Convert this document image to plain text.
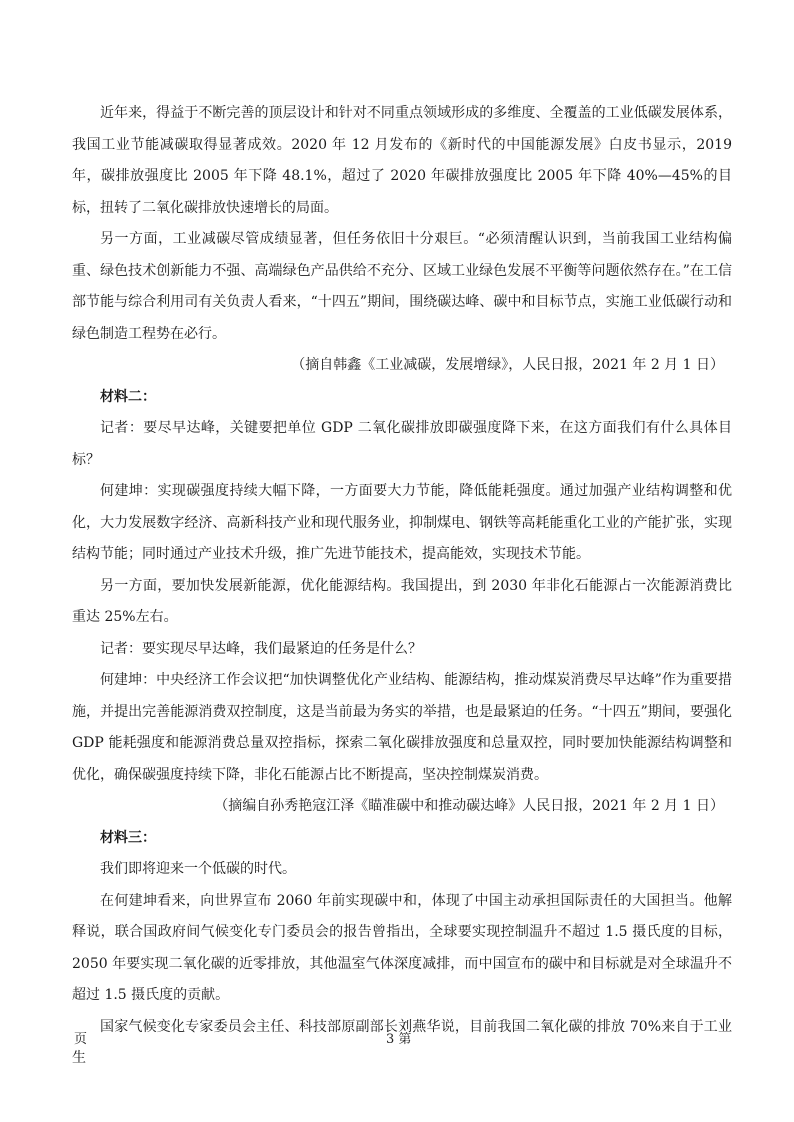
近年来，得益于不断完善的顶层设计和针对不同重点领域形成的多维度、全覆盖的工业低碳发展体系，我国工业节能减碳取得显著成效。2020 年 12 月发布的《新时代的中国能源发展》白皮书显示，2019 年，碳排放强度比 2005 年下降 48.1%，超过了 2020 年碳排放强度比 2005 年下降 40%—45%的目标，扭转了二氧化碳排放快速增长的局面。

另一方面，工业减碳尽管成绩显著，但任务依旧十分艰巨。“必须清醒认识到，当前我国工业结构偏重、绿色技术创新能力不强、高端绿色产品供给不充分、区域工业绿色发展不平衡等问题依然存在。”在工信部节能与综合利用司有关负责人看来，“十四五”期间，围绕碳达峰、碳中和目标节点，实施工业低碳行动和绿色制造工程势在必行。

（摘自韩鑫《工业减碳，发展增绿》，人民日报，2021 年 2 月 1 日）

材料二：

记者：要尽早达峰，关键要把单位 GDP 二氧化碳排放即碳强度降下来，在这方面我们有什么具体目标？

何建坤：实现碳强度持续大幅下降，一方面要大力节能，降低能耗强度。通过加强产业结构调整和优化，大力发展数字经济、高新科技产业和现代服务业，抑制煤电、钢铁等高耗能重化工业的产能扩张，实现结构节能；同时通过产业技术升级，推广先进节能技术，提高能效，实现技术节能。

另一方面，要加快发展新能源，优化能源结构。我国提出，到 2030 年非化石能源占一次能源消费比重达 25%左右。

记者：要实现尽早达峰，我们最紧迫的任务是什么？

何建坤：中央经济工作会议把“加快调整优化产业结构、能源结构，推动煤炭消费尽早达峰”作为重要措施，并提出完善能源消费双控制度，这是当前最为务实的举措，也是最紧迫的任务。“十四五”期间，要强化 GDP 能耗强度和能源消费总量双控指标，探索二氧化碳排放强度和总量双控，同时要加快能源结构调整和优化，确保碳强度持续下降，非化石能源占比不断提高，坚决控制煤炭消费。

（摘编自孙秀艳寇江泽《瞄准碳中和推动碳达峰》人民日报，2021 年 2 月 1 日）

材料三：

我们即将迎来一个低碳的时代。

在何建坤看来，向世界宣布 2060 年前实现碳中和，体现了中国主动承担国际责任的大国担当。他解释说，联合国政府间气候变化专门委员会的报告曾指出，全球要实现控制温升不超过 1.5 摄氏度的目标，2050 年要实现二氧化碳的近零排放，其他温室气体深度减排，而中国宣布的碳中和目标就是对全球温升不超过 1.5 摄氏度的贡献。

国家气候变化专家委员会主任、科技部原副部长刘燕华说，目前我国二氧化碳的排放 70%来自于工业生

页	3 第
